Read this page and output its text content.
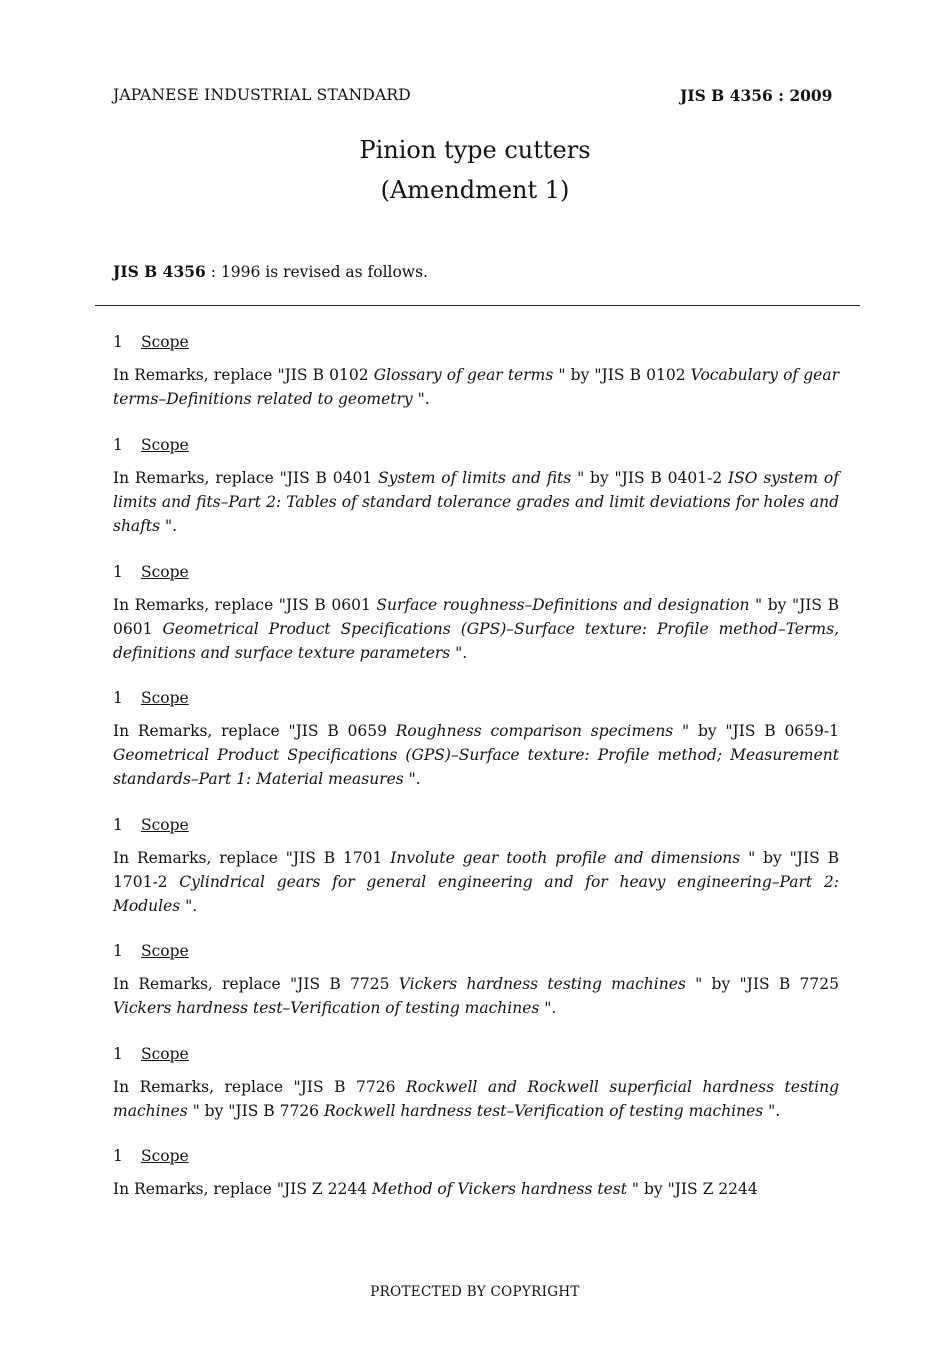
JAPANESE INDUSTRIAL STANDARD	JIS B 4356 : 2009
Pinion type cutters
(Amendment 1)
JIS B 4356 : 1996 is revised as follows.
1 Scope
In Remarks, replace "JIS B 0102 Glossary of gear terms " by "JIS B 0102 Vocabulary of gear terms–Definitions related to geometry ".
1 Scope
In Remarks, replace "JIS B 0401 System of limits and fits " by "JIS B 0401-2 ISO system of limits and fits–Part 2: Tables of standard tolerance grades and limit deviations for holes and shafts ".
1 Scope
In Remarks, replace "JIS B 0601 Surface roughness–Definitions and designation " by "JIS B 0601 Geometrical Product Specifications (GPS)–Surface texture: Profile method–Terms, definitions and surface texture parameters ".
1 Scope
In Remarks, replace "JIS B 0659 Roughness comparison specimens " by "JIS B 0659-1 Geometrical Product Specifications (GPS)–Surface texture: Profile method; Measurement standards–Part 1: Material measures ".
1 Scope
In Remarks, replace "JIS B 1701 Involute gear tooth profile and dimensions " by "JIS B 1701-2 Cylindrical gears for general engineering and for heavy engineering–Part 2: Modules ".
1 Scope
In Remarks, replace "JIS B 7725 Vickers hardness testing machines " by "JIS B 7725 Vickers hardness test–Verification of testing machines ".
1 Scope
In Remarks, replace "JIS B 7726 Rockwell and Rockwell superficial hardness testing machines " by "JIS B 7726 Rockwell hardness test–Verification of testing machines ".
1 Scope
In Remarks, replace "JIS Z 2244 Method of Vickers hardness test " by "JIS Z 2244
PROTECTED BY COPYRIGHT
